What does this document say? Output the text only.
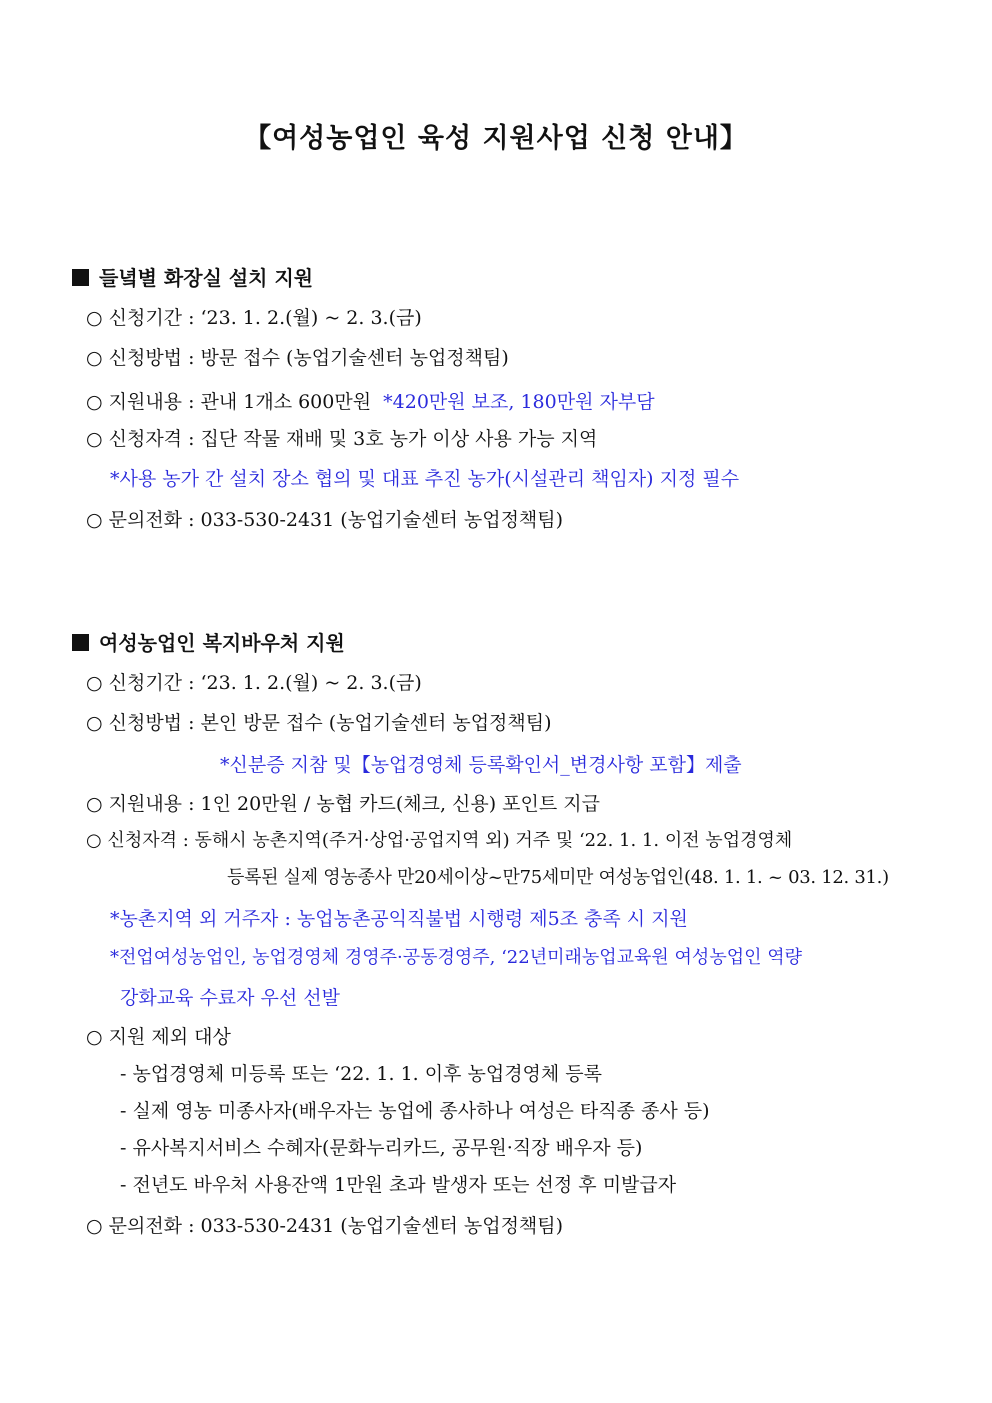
【여성농업인 육성 지원사업 신청 안내】
들녘별 화장실 설치 지원
○ 신청기간 : ‘23. 1. 2.(월) ~ 2. 3.(금)
○ 신청방법 : 방문 접수 (농업기술센터 농업정책팀)
○ 지원내용 : 관내 1개소 600만원 *420만원 보조, 180만원 자부담
○ 신청자격 : 집단 작물 재배 및 3호 농가 이상 사용 가능 지역
*사용 농가 간 설치 장소 협의 및 대표 추진 농가(시설관리 책임자) 지정 필수
○ 문의전화 : 033-530-2431 (농업기술센터 농업정책팀)
여성농업인 복지바우처 지원
○ 신청기간 : ‘23. 1. 2.(월) ~ 2. 3.(금)
○ 신청방법 : 본인 방문 접수 (농업기술센터 농업정책팀)
*신분증 지참 및【농업경영체 등록확인서_변경사항 포함】제출
○ 지원내용 : 1인 20만원 / 농협 카드(체크, 신용) 포인트 지급
○ 신청자격 : 동해시 농촌지역(주거·상업·공업지역 외) 거주 및 ‘22. 1. 1. 이전 농업경영체
등록된 실제 영농종사 만20세이상~만75세미만 여성농업인(48. 1. 1. ~ 03. 12. 31.)
*농촌지역 외 거주자 : 농업농촌공익직불법 시행령 제5조 충족 시 지원
*전업여성농업인, 농업경영체 경영주·공동경영주, ‘22년미래농업교육원 여성농업인 역량
강화교육 수료자 우선 선발
○ 지원 제외 대상
- 농업경영체 미등록 또는 ‘22. 1. 1. 이후 농업경영체 등록
- 실제 영농 미종사자(배우자는 농업에 종사하나 여성은 타직종 종사 등)
- 유사복지서비스 수혜자(문화누리카드, 공무원·직장 배우자 등)
- 전년도 바우처 사용잔액 1만원 초과 발생자 또는 선정 후 미발급자
○ 문의전화 : 033-530-2431 (농업기술센터 농업정책팀)
